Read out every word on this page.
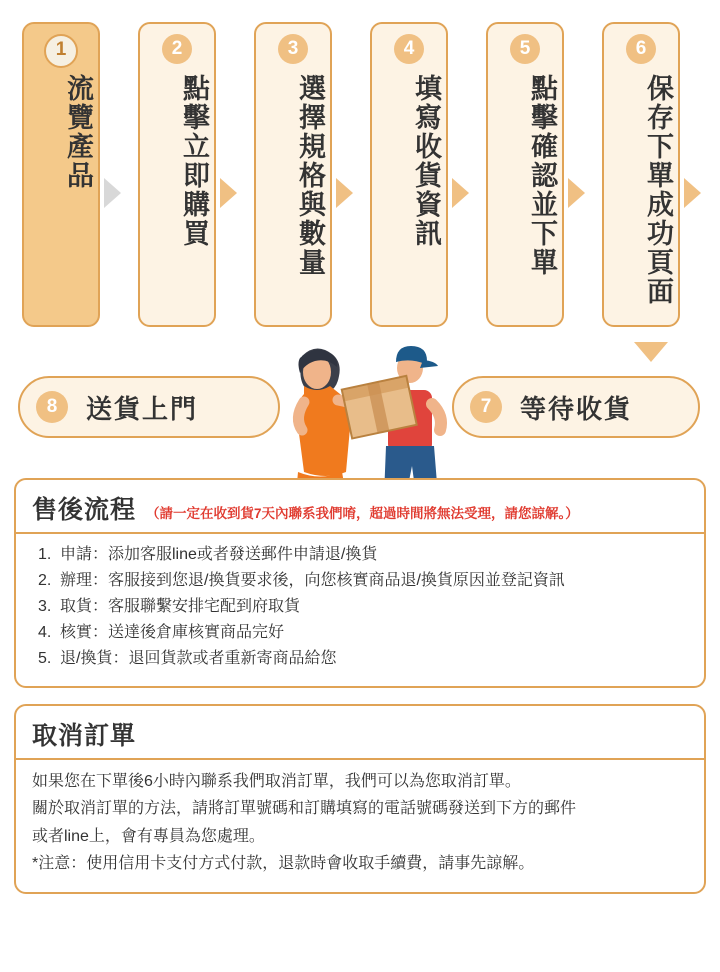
1
流覽產品
2
點擊立即購買
3
選擇規格與數量
4
填寫收貨資訊
5
點擊確認並下單
6
保存下單成功頁面
8	送貨上門	7	等待收貨
售後流程 （請一定在收到貨7天內聯系我們唷，超過時間將無法受理，請您諒解。）
申請：添加客服line或者發送郵件申請退/換貨
辦理：客服接到您退/換貨要求後，向您核實商品退/換貨原因並登記資訊
取貨：客服聯繫安排宅配到府取貨
核實：送達後倉庫核實商品完好
退/換貨：退回貨款或者重新寄商品給您
取消訂單

如果您在下單後6小時內聯系我們取消訂單，我們可以為您取消訂單。

關於取消訂單的方法，請將訂單號碼和訂購填寫的電話號碼發送到下方的郵件

或者line上，會有專員為您處理。

*注意：使用信用卡支付方式付款，退款時會收取手續費，請事先諒解。
